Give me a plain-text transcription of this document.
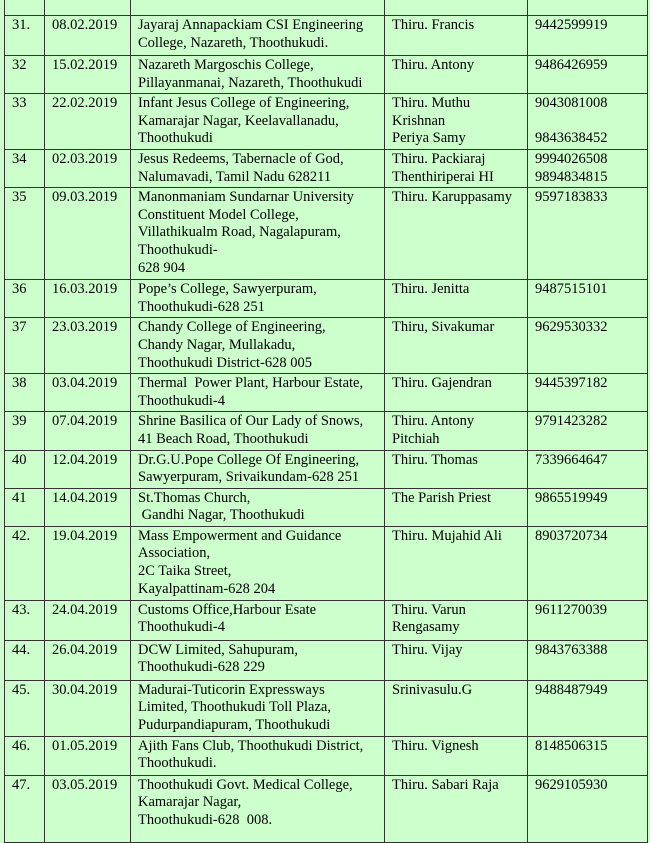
31.	08.02.2019	Jayaraj Annapackiam CSI Engineering
College, Nazareth, Thoothukudi.	Thiru. Francis	9442599919
32	15.02.2019	Nazareth Margoschis College,
Pillayanmanai, Nazareth, Thoothukudi	Thiru. Antony	9486426959
33	22.02.2019	Infant Jesus College of Engineering,
Kamarajar Nagar, Keelavallanadu,
Thoothukudi	Thiru. Muthu
Krishnan
Periya Samy	9043081008

9843638452
34	02.03.2019	Jesus Redeems, Tabernacle of God,
Nalumavadi, Tamil Nadu 628211	Thiru. Packiaraj
Thenthiriperai HI	9994026508
9894834815
35	09.03.2019	Manonmaniam Sundarnar University
Constituent Model College,
Villathikualm Road, Nagalapuram,
Thoothukudi-
628 904	Thiru. Karuppasamy	9597183833
36	16.03.2019	Pope’s College, Sawyerpuram,
Thoothukudi-628 251	Thiru. Jenitta	9487515101
37	23.03.2019	Chandy College of Engineering,
Chandy Nagar, Mullakadu,
Thoothukudi District-628 005	Thiru, Sivakumar	9629530332
38	03.04.2019	Thermal  Power Plant, Harbour Estate,
Thoothukudi-4	Thiru. Gajendran	9445397182
39	07.04.2019	Shrine Basilica of Our Lady of Snows,
41 Beach Road, Thoothukudi	Thiru. Antony
Pitchiah	9791423282
40	12.04.2019	Dr.G.U.Pope College Of Engineering,
Sawyerpuram, Srivaikundam-628 251	Thiru. Thomas	7339664647
41	14.04.2019	St.Thomas Church,
Gandhi Nagar, Thoothukudi	The Parish Priest	9865519949
42.	19.04.2019	Mass Empowerment and Guidance
Association,
2C Taika Street,
Kayalpattinam-628 204	Thiru. Mujahid Ali	8903720734
43.	24.04.2019	Customs Office,Harbour Esate
Thoothukudi-4	Thiru. Varun
Rengasamy	9611270039
44.	26.04.2019	DCW Limited, Sahupuram,
Thoothukudi-628 229	Thiru. Vijay	9843763388
45.	30.04.2019	Madurai-Tuticorin Expressways
Limited, Thoothukudi Toll Plaza,
Pudurpandiapuram, Thoothukudi	Srinivasulu.G	9488487949
46.	01.05.2019	Ajith Fans Club, Thoothukudi District,
Thoothukudi.	Thiru. Vignesh	8148506315
47.	03.05.2019	Thoothukudi Govt. Medical College,
Kamarajar Nagar,
Thoothukudi-628  008.	Thiru. Sabari Raja	9629105930
